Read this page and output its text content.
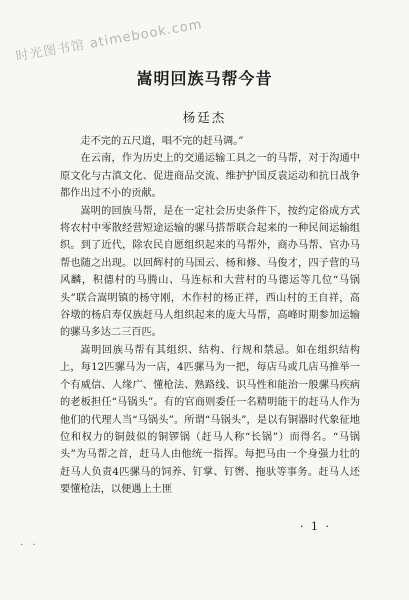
时光图书馆 atimebook.com
嵩明回族马帮今昔
杨廷杰

走不完的五尺道，唱不完的赶马调。”

在云南，作为历史上的交通运输工具之一的马帮，对于沟通中原文化与古滇文化、促进商品交流、维护护国反袁运动和抗日战争都作出过不小的贡献。

嵩明的回族马帮，是在一定社会历史条件下，按约定俗成方式将农村中零散经营短途运输的骡马搭帮联合起来的一种民间运输组织。到了近代，除农民自愿组织起来的马帮外，商办马帮、官办马帮也随之出现。以回辉村的马国云、杨和修、马俊才，四子营的马风麟，积德村的马腾山、马连标和大营村的马德运等几位“马锅头”联合嵩明镇的杨守刚，木作村的杨正祥，西山村的王自祥，高谷墩的杨启寿仅族赶马人组织起来的庞大马帮，高峰时期参加运输的骡马多达二三百匹。

嵩明回族马帮有其组织、结构、行规和禁忌。如在组织结构上，每12匹骡马为一店，4匹骡马为一把，每店马或几店马推举一个有威信、人缘广、懂枪法、熟路线、识马性和能治一般骡马疾病的老板担任“马锅头”。有的官商则委任一名精明能干的赶马人作为他们的代理人当“马锅头”。所谓“马锅头”，是以有铜器时代象征地位和权力的铜鼓似的铜锣锅（赶马人称“长锅”）而得名。“马锅头”为马帮之首，赶马人由他统一指挥。每把马由一个身强力壮的赶马人负责4匹骡马的饲养、钉掌、钉辔、拖驮等事务。赶马人还要懂枪法，以便遇上土匪

· 1 ·
· ·
